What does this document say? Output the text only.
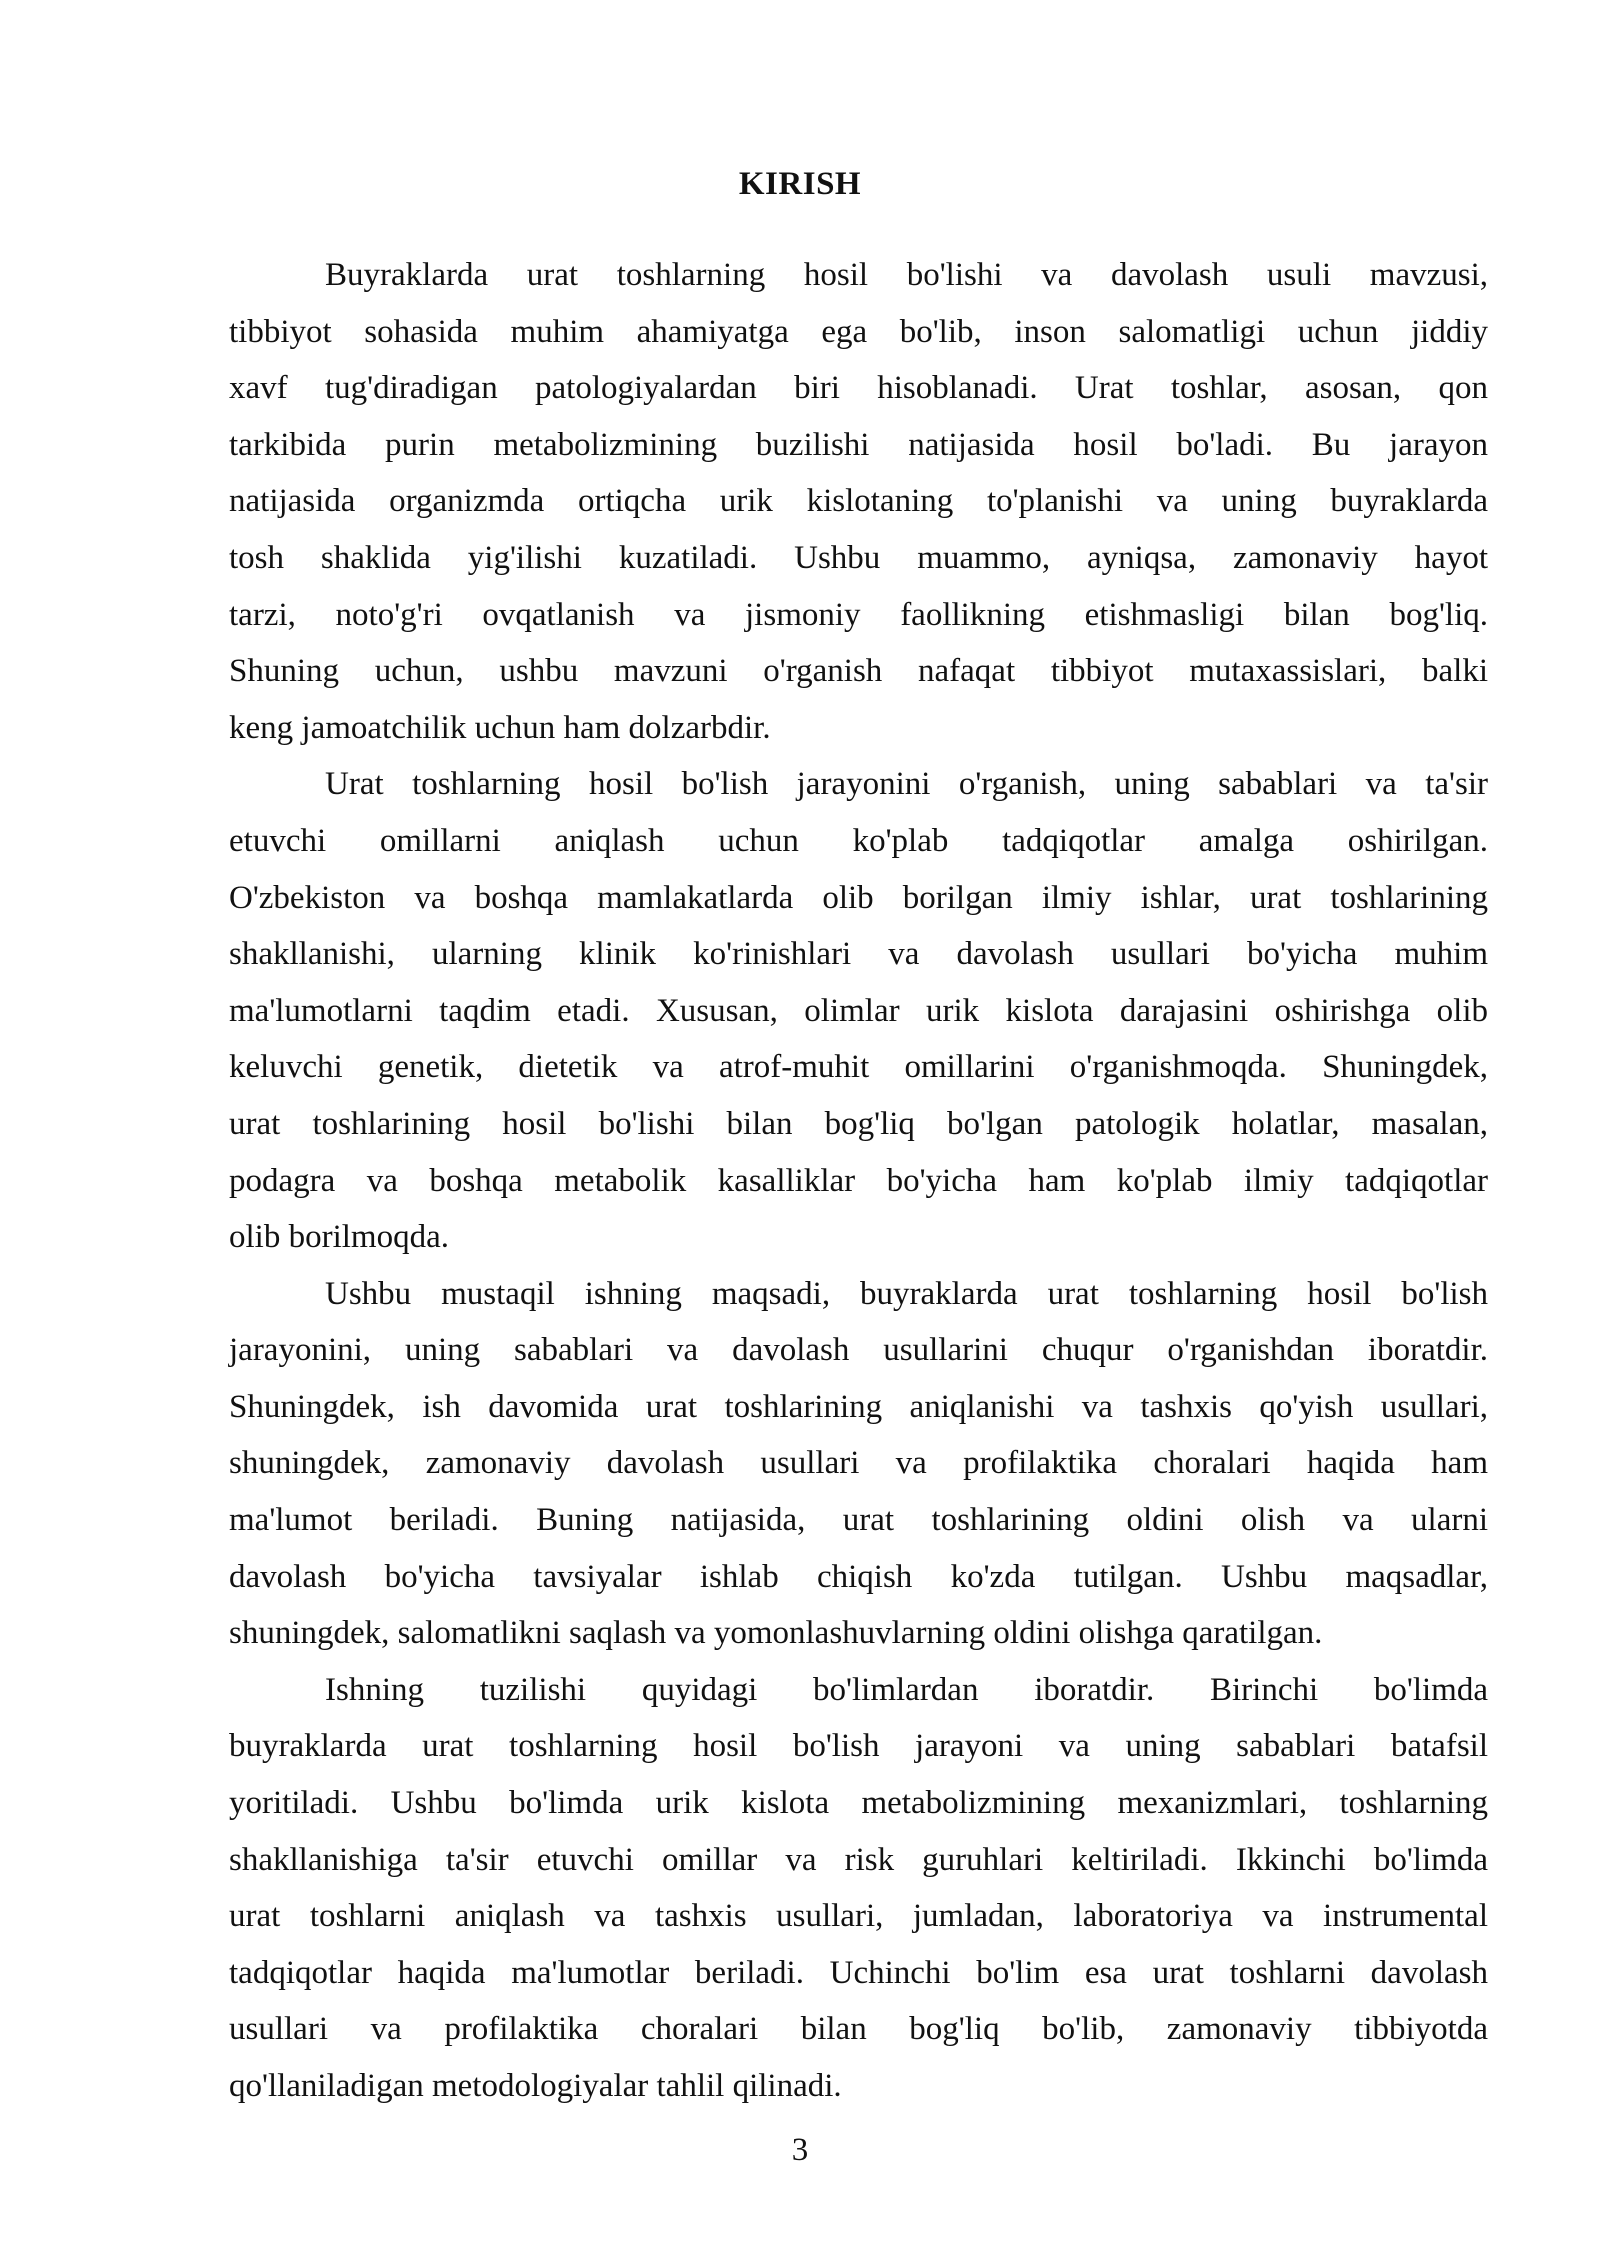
KIRISH
Buyraklarda urat toshlarning hosil bo'lishi va davolash usuli mavzusi,
tibbiyot sohasida muhim ahamiyatga ega bo'lib, inson salomatligi uchun jiddiy
xavf tug'diradigan patologiyalardan biri hisoblanadi. Urat toshlar, asosan, qon
tarkibida purin metabolizmining buzilishi natijasida hosil bo'ladi. Bu jarayon
natijasida organizmda ortiqcha urik kislotaning to'planishi va uning buyraklarda
tosh shaklida yig'ilishi kuzatiladi. Ushbu muammo, ayniqsa, zamonaviy hayot
tarzi, noto'g'ri ovqatlanish va jismoniy faollikning etishmasligi bilan bog'liq.
Shuning uchun, ushbu mavzuni o'rganish nafaqat tibbiyot mutaxassislari, balki
keng jamoatchilik uchun ham dolzarbdir.
Urat toshlarning hosil bo'lish jarayonini o'rganish, uning sabablari va ta'sir
etuvchi omillarni aniqlash uchun ko'plab tadqiqotlar amalga oshirilgan.
O'zbekiston va boshqa mamlakatlarda olib borilgan ilmiy ishlar, urat toshlarining
shakllanishi, ularning klinik ko'rinishlari va davolash usullari bo'yicha muhim
ma'lumotlarni taqdim etadi. Xususan, olimlar urik kislota darajasini oshirishga olib
keluvchi genetik, dietetik va atrof-muhit omillarini o'rganishmoqda. Shuningdek,
urat toshlarining hosil bo'lishi bilan bog'liq bo'lgan patologik holatlar, masalan,
podagra va boshqa metabolik kasalliklar bo'yicha ham ko'plab ilmiy tadqiqotlar
olib borilmoqda.
Ushbu mustaqil ishning maqsadi, buyraklarda urat toshlarning hosil bo'lish
jarayonini, uning sabablari va davolash usullarini chuqur o'rganishdan iboratdir.
Shuningdek, ish davomida urat toshlarining aniqlanishi va tashxis qo'yish usullari,
shuningdek, zamonaviy davolash usullari va profilaktika choralari haqida ham
ma'lumot beriladi. Buning natijasida, urat toshlarining oldini olish va ularni
davolash bo'yicha tavsiyalar ishlab chiqish ko'zda tutilgan. Ushbu maqsadlar,
shuningdek, salomatlikni saqlash va yomonlashuvlarning oldini olishga qaratilgan.
Ishning tuzilishi quyidagi bo'limlardan iboratdir. Birinchi bo'limda
buyraklarda urat toshlarning hosil bo'lish jarayoni va uning sabablari batafsil
yoritiladi. Ushbu bo'limda urik kislota metabolizmining mexanizmlari, toshlarning
shakllanishiga ta'sir etuvchi omillar va risk guruhlari keltiriladi. Ikkinchi bo'limda
urat toshlarni aniqlash va tashxis usullari, jumladan, laboratoriya va instrumental
tadqiqotlar haqida ma'lumotlar beriladi. Uchinchi bo'lim esa urat toshlarni davolash
usullari va profilaktika choralari bilan bog'liq bo'lib, zamonaviy tibbiyotda
qo'llaniladigan metodologiyalar tahlil qilinadi.
3
